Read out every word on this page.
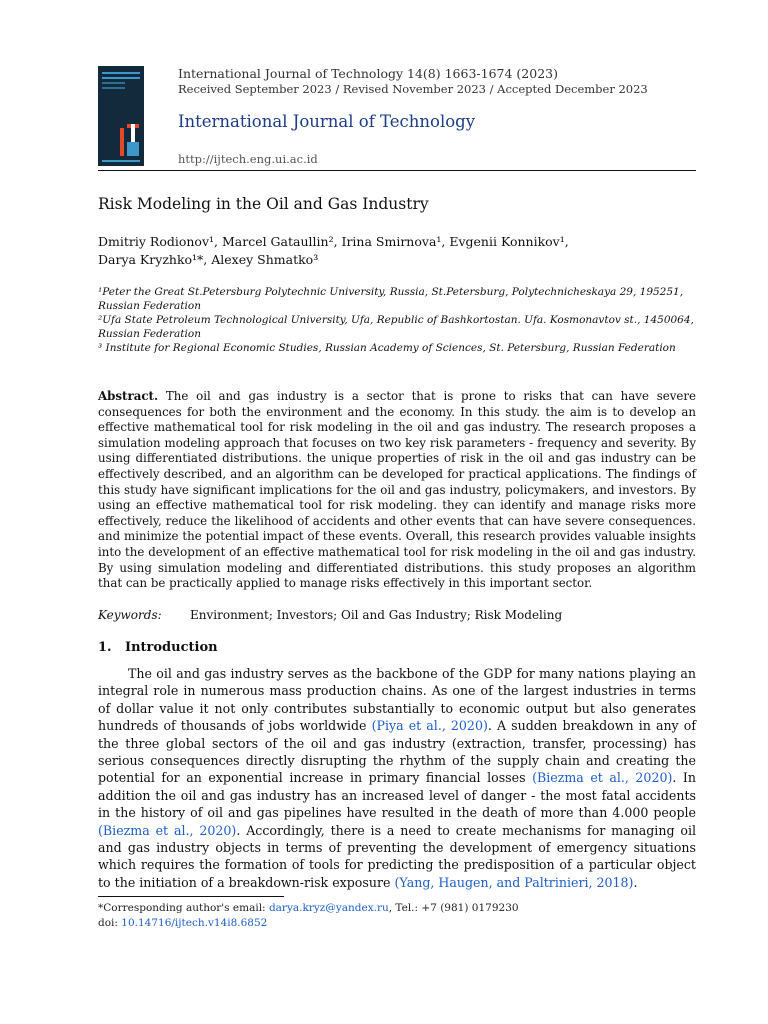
International Journal of Technology 14(8) 1663-1674 (2023)
Received September 2023 / Revised November 2023 / Accepted December 2023
International Journal of Technology
http://ijtech.eng.ui.ac.id
Risk Modeling in the Oil and Gas Industry
Dmitriy Rodionov¹, Marcel Gataullin², Irina Smirnova¹, Evgenii Konnikov¹,
Darya Kryzhko¹*, Alexey Shmatko³
¹Peter the Great St.Petersburg Polytechnic University, Russia, St.Petersburg, Polytechnicheskaya 29, 195251, Russian Federation
²Ufa State Petroleum Technological University, Ufa, Republic of Bashkortostan. Ufa. Kosmonavtov st., 1450064, Russian Federation
³ Institute for Regional Economic Studies, Russian Academy of Sciences, St. Petersburg, Russian Federation
Abstract. The oil and gas industry is a sector that is prone to risks that can have severe consequences for both the environment and the economy. In this study. the aim is to develop an effective mathematical tool for risk modeling in the oil and gas industry. The research proposes a simulation modeling approach that focuses on two key risk parameters - frequency and severity. By using differentiated distributions. the unique properties of risk in the oil and gas industry can be effectively described, and an algorithm can be developed for practical applications. The findings of this study have significant implications for the oil and gas industry, policymakers, and investors. By using an effective mathematical tool for risk modeling. they can identify and manage risks more effectively, reduce the likelihood of accidents and other events that can have severe consequences. and minimize the potential impact of these events. Overall, this research provides valuable insights into the development of an effective mathematical tool for risk modeling in the oil and gas industry. By using simulation modeling and differentiated distributions. this study proposes an algorithm that can be practically applied to manage risks effectively in this important sector.
Keywords: Environment; Investors; Oil and Gas Industry; Risk Modeling
1. Introduction
The oil and gas industry serves as the backbone of the GDP for many nations playing an integral role in numerous mass production chains. As one of the largest industries in terms of dollar value it not only contributes substantially to economic output but also generates hundreds of thousands of jobs worldwide (Piya et al., 2020). A sudden breakdown in any of the three global sectors of the oil and gas industry (extraction, transfer, processing) has serious consequences directly disrupting the rhythm of the supply chain and creating the potential for an exponential increase in primary financial losses (Biezma et al., 2020). In addition the oil and gas industry has an increased level of danger - the most fatal accidents in the history of oil and gas pipelines have resulted in the death of more than 4.000 people (Biezma et al., 2020). Accordingly, there is a need to create mechanisms for managing oil and gas industry objects in terms of preventing the development of emergency situations which requires the formation of tools for predicting the predisposition of a particular object to the initiation of a breakdown-risk exposure (Yang, Haugen, and Paltrinieri, 2018).
*Corresponding author's email: darya.kryz@yandex.ru, Tel.: +7 (981) 0179230
doi: 10.14716/ijtech.v14i8.6852
